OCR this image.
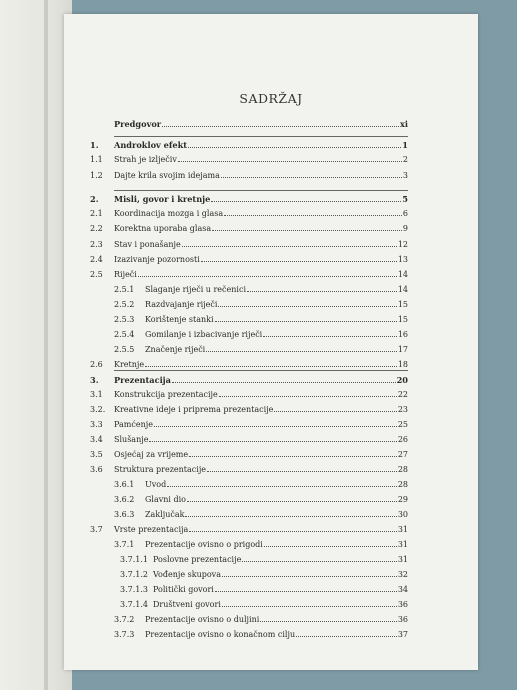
SADRŽAJ
Predgovor	xi
1.	Androklov efekt	1
1.1	Strah je izlječiv	2
1.2	Dajte krila svojim idejama	3
2.	Misli, govor i kretnje	5
2.1	Koordinacija mozga i glasa	6
2.2	Korektna uporaba glasa	9
2.3	Stav i ponašanje	12
2.4	Izazivanje pozornosti	13
2.5	Riječi	14
2.5.1	Slaganje riječi u rečenici	14
2.5.2	Razdvajanje riječi	15
2.5.3	Korištenje stanki	15
2.5.4	Gomilanje i izbacivanje riječi	16
2.5.5	Značenje riječi	17
2.6	Kretnje	18
3.	Prezentacija	20
3.1	Konstrukcija prezentacije	22
3.2.	Kreativne ideje i priprema prezentacije	23
3.3	Pamćenje	25
3.4	Slušanje	26
3.5	Osjećaj za vrijeme	27
3.6	Struktura prezentacije	28
3.6.1	Uvod	28
3.6.2	Glavni dio	29
3.6.3	Zaključak	30
3.7	Vrste prezentacija	31
3.7.1	Prezentacije ovisno o prigodi	31
3.7.1.1 Poslovne prezentacije	31
3.7.1.2 Vođenje skupova	32
3.7.1.3 Politički govori	34
3.7.1.4 Društveni govori	36
3.7.2	Prezentacije ovisno o duljini	36
3.7.3	Prezentacije ovisno o konačnom cilju	37
